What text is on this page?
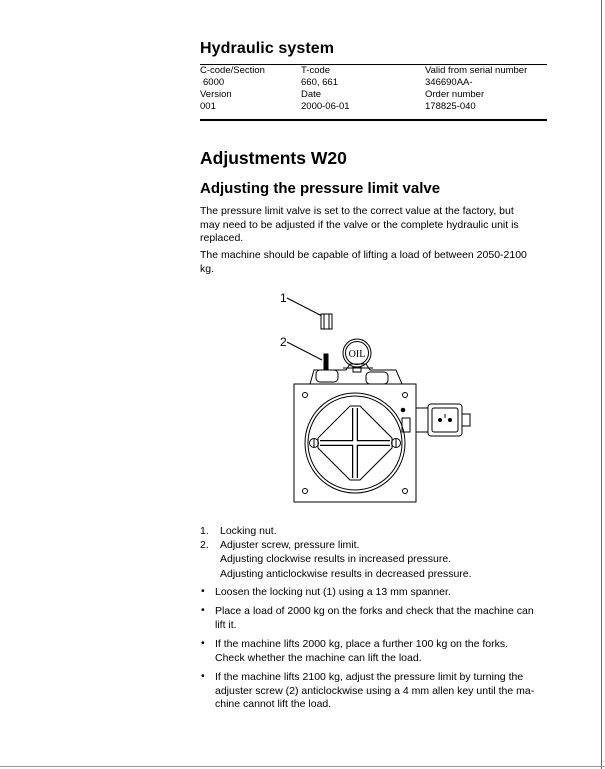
Hydraulic system
C-code/Section
6000
Version
001
T-code
660, 661
Date
2000-06-01
Valid from serial number
346690AA-
Order number
178825-040
Adjustments W20
Adjusting the pressure limit valve
The pressure limit valve is set to the correct value at the factory, but
may need to be adjusted if the valve or the complete hydraulic unit is
replaced.
The machine should be capable of lifting a load of between 2050-2100
kg.
1
2
OIL
1. Locking nut.
2. Adjuster screw, pressure limit.
Adjusting clockwise results in increased pressure.
Adjusting anticlockwise results in decreased pressure.
• Loosen the locking nut (1) using a 13 mm spanner.
• Place a load of 2000 kg on the forks and check that the machine can
lift it.
• If the machine lifts 2000 kg, place a further 100 kg on the forks.
Check whether the machine can lift the load.
• If the machine lifts 2100 kg, adjust the pressure limit by turning the
adjuster screw (2) anticlockwise using a 4 mm allen key until the ma-
chine cannot lift the load.
